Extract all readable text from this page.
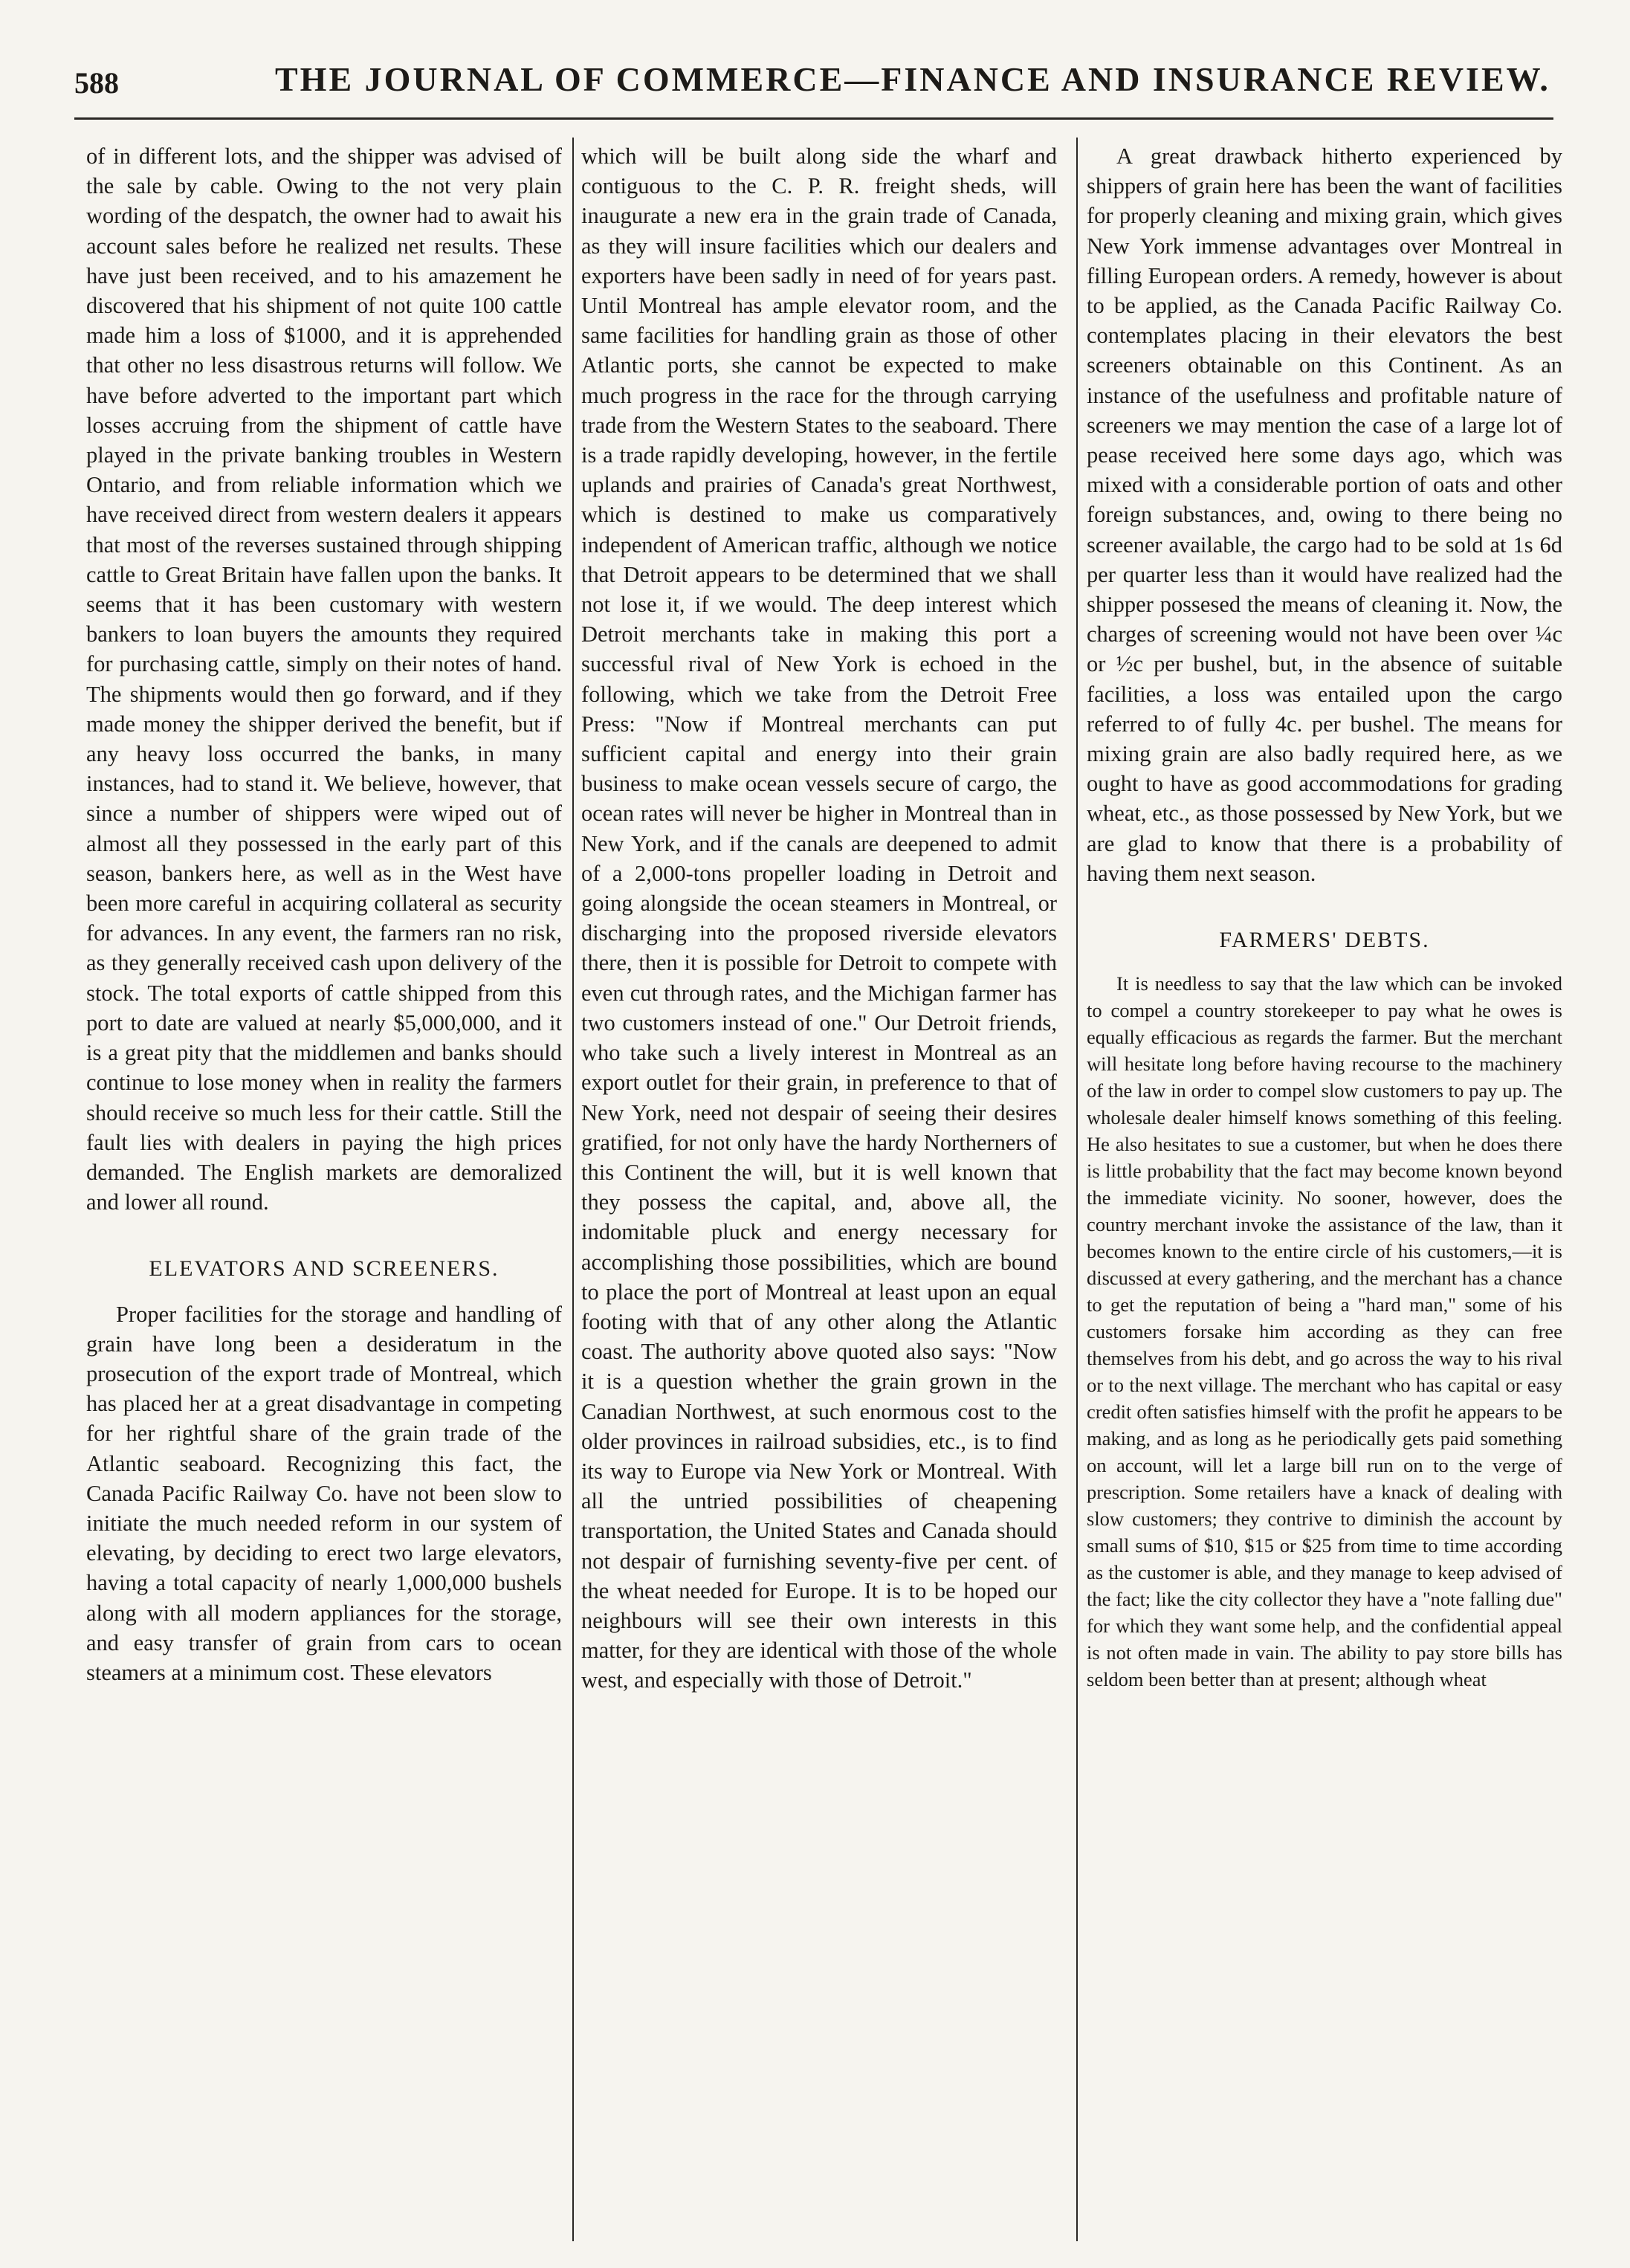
588	THE JOURNAL OF COMMERCE—FINANCE AND INSURANCE REVIEW.

of in different lots, and the shipper was advised of the sale by cable. Owing to the not very plain wording of the despatch, the owner had to await his account sales before he realized net results. These have just been received, and to his amazement he discovered that his shipment of not quite 100 cattle made him a loss of $1000, and it is apprehended that other no less disastrous returns will follow. We have before adverted to the important part which losses accruing from the shipment of cattle have played in the private banking troubles in Western Ontario, and from reliable information which we have received direct from western dealers it appears that most of the reverses sustained through shipping cattle to Great Britain have fallen upon the banks. It seems that it has been customary with western bankers to loan buyers the amounts they required for purchasing cattle, simply on their notes of hand. The shipments would then go forward, and if they made money the shipper derived the benefit, but if any heavy loss occurred the banks, in many instances, had to stand it. We believe, however, that since a number of shippers were wiped out of almost all they possessed in the early part of this season, bankers here, as well as in the West have been more careful in acquiring collateral as security for advances. In any event, the farmers ran no risk, as they generally received cash upon delivery of the stock. The total exports of cattle shipped from this port to date are valued at nearly $5,000,000, and it is a great pity that the middlemen and banks should continue to lose money when in reality the farmers should receive so much less for their cattle. Still the fault lies with dealers in paying the high prices demanded. The English markets are demoralized and lower all round.

ELEVATORS AND SCREENERS.

Proper facilities for the storage and handling of grain have long been a desideratum in the prosecution of the export trade of Montreal, which has placed her at a great disadvantage in competing for her rightful share of the grain trade of the Atlantic seaboard. Recognizing this fact, the Canada Pacific Railway Co. have not been slow to initiate the much needed reform in our system of elevating, by deciding to erect two large elevators, having a total capacity of nearly 1,000,000 bushels along with all modern appliances for the storage, and easy transfer of grain from cars to ocean steamers at a minimum cost. These elevators

which will be built along side the wharf and contiguous to the C. P. R. freight sheds, will inaugurate a new era in the grain trade of Canada, as they will insure facilities which our dealers and exporters have been sadly in need of for years past. Until Montreal has ample elevator room, and the same facilities for handling grain as those of other Atlantic ports, she cannot be expected to make much progress in the race for the through carrying trade from the Western States to the seaboard. There is a trade rapidly developing, however, in the fertile uplands and prairies of Canada's great Northwest, which is destined to make us comparatively independent of American traffic, although we notice that Detroit appears to be determined that we shall not lose it, if we would. The deep interest which Detroit merchants take in making this port a successful rival of New York is echoed in the following, which we take from the Detroit Free Press: "Now if Montreal merchants can put sufficient capital and energy into their grain business to make ocean vessels secure of cargo, the ocean rates will never be higher in Montreal than in New York, and if the canals are deepened to admit of a 2,000-tons propeller loading in Detroit and going alongside the ocean steamers in Montreal, or discharging into the proposed riverside elevators there, then it is possible for Detroit to compete with even cut through rates, and the Michigan farmer has two customers instead of one." Our Detroit friends, who take such a lively interest in Montreal as an export outlet for their grain, in preference to that of New York, need not despair of seeing their desires gratified, for not only have the hardy Northerners of this Continent the will, but it is well known that they possess the capital, and, above all, the indomitable pluck and energy necessary for accomplishing those possibilities, which are bound to place the port of Montreal at least upon an equal footing with that of any other along the Atlantic coast. The authority above quoted also says: "Now it is a question whether the grain grown in the Canadian Northwest, at such enormous cost to the older provinces in railroad subsidies, etc., is to find its way to Europe via New York or Montreal. With all the untried possibilities of cheapening transportation, the United States and Canada should not despair of furnishing seventy-five per cent. of the wheat needed for Europe. It is to be hoped our neighbours will see their own interests in this matter, for they are identical with those of the whole west, and especially with those of Detroit."

A great drawback hitherto experienced by shippers of grain here has been the want of facilities for properly cleaning and mixing grain, which gives New York immense advantages over Montreal in filling European orders. A remedy, however is about to be applied, as the Canada Pacific Railway Co. contemplates placing in their elevators the best screeners obtainable on this Continent. As an instance of the usefulness and profitable nature of screeners we may mention the case of a large lot of pease received here some days ago, which was mixed with a considerable portion of oats and other foreign substances, and, owing to there being no screener available, the cargo had to be sold at 1s 6d per quarter less than it would have realized had the shipper possesed the means of cleaning it. Now, the charges of screening would not have been over ¼c or ½c per bushel, but, in the absence of suitable facilities, a loss was entailed upon the cargo referred to of fully 4c. per bushel. The means for mixing grain are also badly required here, as we ought to have as good accommodations for grading wheat, etc., as those possessed by New York, but we are glad to know that there is a probability of having them next season.

FARMERS' DEBTS.

It is needless to say that the law which can be invoked to compel a country storekeeper to pay what he owes is equally efficacious as regards the farmer. But the merchant will hesitate long before having recourse to the machinery of the law in order to compel slow customers to pay up. The wholesale dealer himself knows something of this feeling. He also hesitates to sue a customer, but when he does there is little probability that the fact may become known beyond the immediate vicinity. No sooner, however, does the country merchant invoke the assistance of the law, than it becomes known to the entire circle of his customers,—it is discussed at every gathering, and the merchant has a chance to get the reputation of being a "hard man," some of his customers forsake him according as they can free themselves from his debt, and go across the way to his rival or to the next village. The merchant who has capital or easy credit often satisfies himself with the profit he appears to be making, and as long as he periodically gets paid something on account, will let a large bill run on to the verge of prescription. Some retailers have a knack of dealing with slow customers; they contrive to diminish the account by small sums of $10, $15 or $25 from time to time according as the customer is able, and they manage to keep advised of the fact; like the city collector they have a "note falling due" for which they want some help, and the confidential appeal is not often made in vain. The ability to pay store bills has seldom been better than at present; although wheat
